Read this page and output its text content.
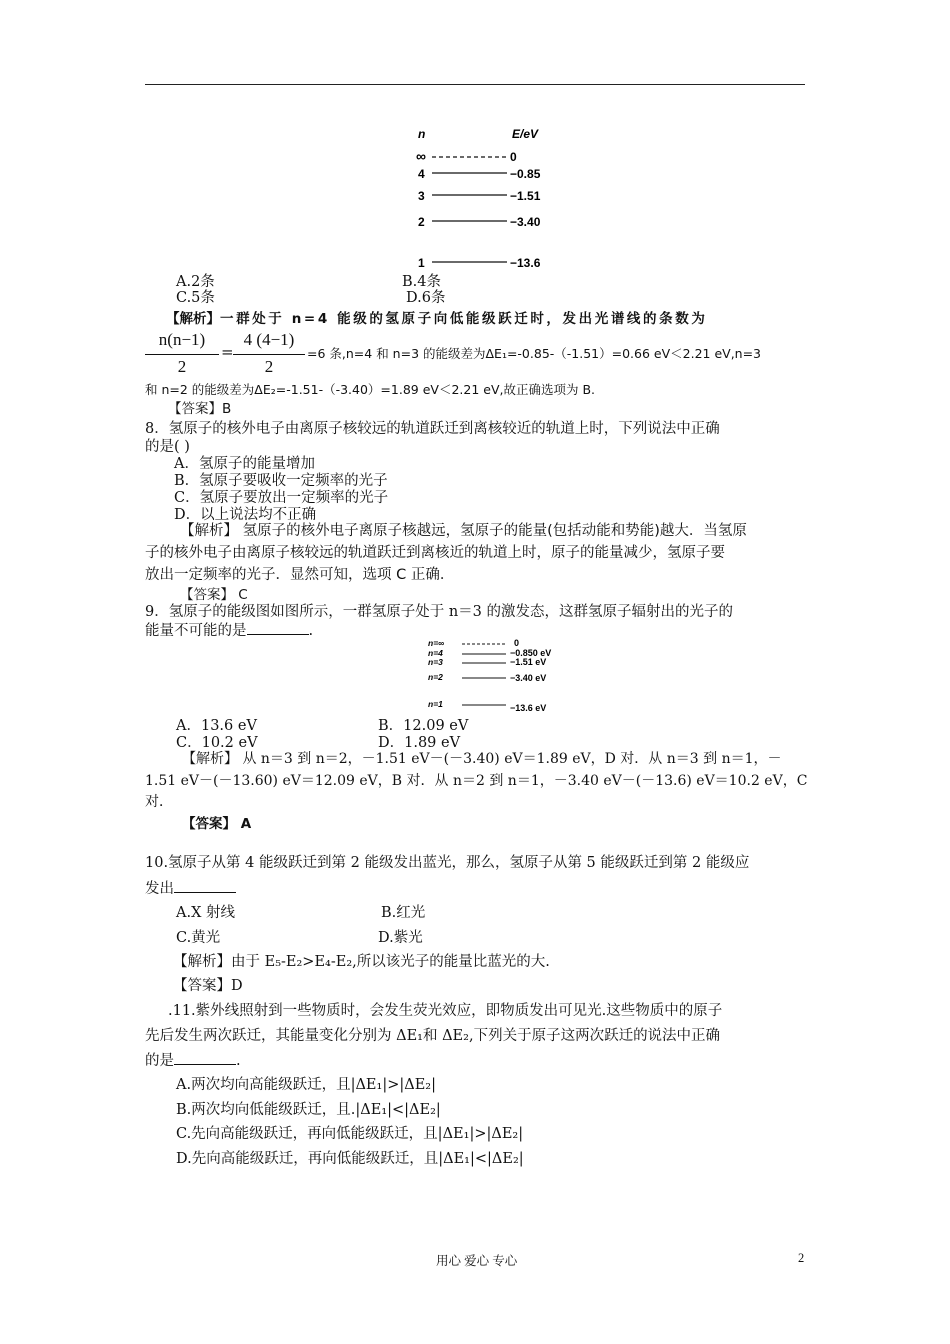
n	E/eV
∞	0
4	−0.85
3	−1.51
2	−3.40
1	−13.6
A.2条	B.4条
C.5条	D.6条
【解析】一群处于 n=4 能级的氢原子向低能级跃迁时，发出光谱线的条数为
n(n−1)
2
=
4 (4−1)
2
=6 条,n=4 和 n=3 的能级差为ΔE₁=-0.85-（-1.51）=0.66 eV＜2.21 eV,n=3
和 n=2 的能级差为ΔE₂=-1.51-（-3.40）=1.89 eV＜2.21 eV,故正确选项为 B.
【答案】B
8．氢原子的核外电子由离原子核较远的轨道跃迁到离核较近的轨道上时，下列说法中正确
的是( )
A．氢原子的能量增加
B．氢原子要吸收一定频率的光子
C．氢原子要放出一定频率的光子
D．以上说法均不正确
【解析】 氢原子的核外电子离原子核越远，氢原子的能量(包括动能和势能)越大．当氢原
子的核外电子由离原子核较远的轨道跃迁到离核近的轨道上时，原子的能量减少，氢原子要
放出一定频率的光子．显然可知，选项 C 正确．
【答案】 C
9．氢原子的能级图如图所示，一群氢原子处于 n＝3 的激发态，这群氢原子辐射出的光子的
能量不可能的是	.
n=∞	0
n=4	−0.850 eV
n=3	−1.51 eV
n=2	−3.40 eV
n=1	−13.6 eV
A．13.6 eV	B．12.09 eV
C．10.2 eV	D．1.89 eV
【解析】 从 n＝3 到 n＝2，－1.51 eV－(－3.40) eV＝1.89 eV，D 对．从 n＝3 到 n＝1，－
1.51 eV－(－13.60) eV＝12.09 eV，B 对．从 n＝2 到 n＝1，－3.40 eV－(－13.6) eV＝10.2 eV，C
对．
【答案】 A
10.氢原子从第 4 能级跃迁到第 2 能级发出蓝光，那么，氢原子从第 5 能级跃迁到第 2 能级应
发出
A.X 射线	B.红光
C.黄光	D.紫光
【解析】由于 E₅-E₂>E₄-E₂,所以该光子的能量比蓝光的大.
【答案】D
.11.紫外线照射到一些物质时，会发生荧光效应，即物质发出可见光.这些物质中的原子
先后发生两次跃迁，其能量变化分别为 ΔE₁和 ΔE₂,下列关于原子这两次跃迁的说法中正确
的是	.
A.两次均向高能级跃迁，且|ΔE₁|>|ΔE₂|
B.两次均向低能级跃迁，且.|ΔE₁|<|ΔE₂|
C.先向高能级跃迁，再向低能级跃迁，且|ΔE₁|>|ΔE₂|
D.先向高能级跃迁，再向低能级跃迁，且|ΔE₁|<|ΔE₂|
用心 爱心 专心	2
